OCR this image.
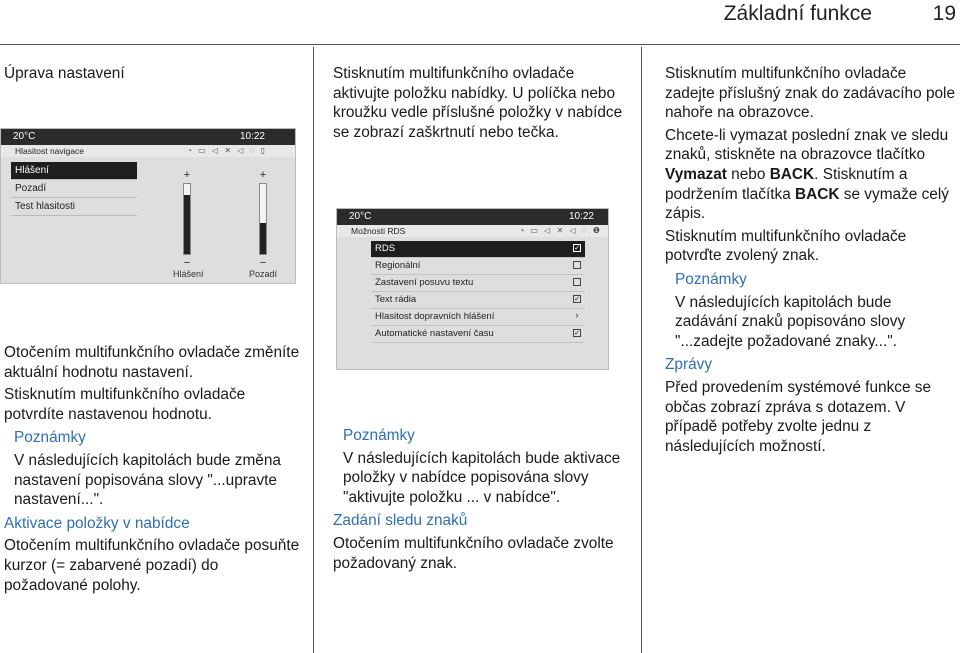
Základní funkce	19

Úprava nastavení

20°C	10:22
Hlasitost navigace	◔ ▭ ◁ ✕ ◁ ◌ ▯
Hlášení
Pozadí
Test hlasitosti
+
−
+
−
Hlášení	Pozadí

Otočením multifunkčního ovladače změníte aktuální hodnotu nastavení.

Stisknutím multifunkčního ovladače potvrdíte nastavenou hodnotu.

Poznámky

V následujících kapitolách bude změna nastavení popisována slovy "...upravte nastavení...".

Aktivace položky v nabídce

Otočením multifunkčního ovladače posuňte kurzor (= zabarvené pozadí) do požadované polohy.

Stisknutím multifunkčního ovladače aktivujte položku nabídky. U políčka nebo kroužku vedle příslušné položky v nabídce se zobrazí zaškrtnutí nebo tečka.

20°C	10:22
Možnosti RDS	◔ ▭ ◁ ✕ ◁ ◌ ❶
RDS	✓
Regionální
Zastavení posuvu textu
Text rádia	✓
Hlasitost dopravních hlášení	›
Automatické nastavení času	✓

Poznámky

V následujících kapitolách bude aktivace položky v nabídce popisována slovy "aktivujte položku ... v nabídce".

Zadání sledu znaků

Otočením multifunkčního ovladače zvolte požadovaný znak.

Stisknutím multifunkčního ovladače zadejte příslušný znak do zadávacího pole nahoře na obrazovce.

Chcete-li vymazat poslední znak ve sledu znaků, stiskněte na obrazovce tlačítko Vymazat nebo BACK. Stisknutím a podržením tlačítka BACK se vymaže celý zápis.

Stisknutím multifunkčního ovladače potvrďte zvolený znak.

Poznámky

V následujících kapitolách bude zadávání znaků popisováno slovy "...zadejte požadované znaky...".

Zprávy

Před provedením systémové funkce se občas zobrazí zpráva s dotazem. V případě potřeby zvolte jednu z následujících možností.
